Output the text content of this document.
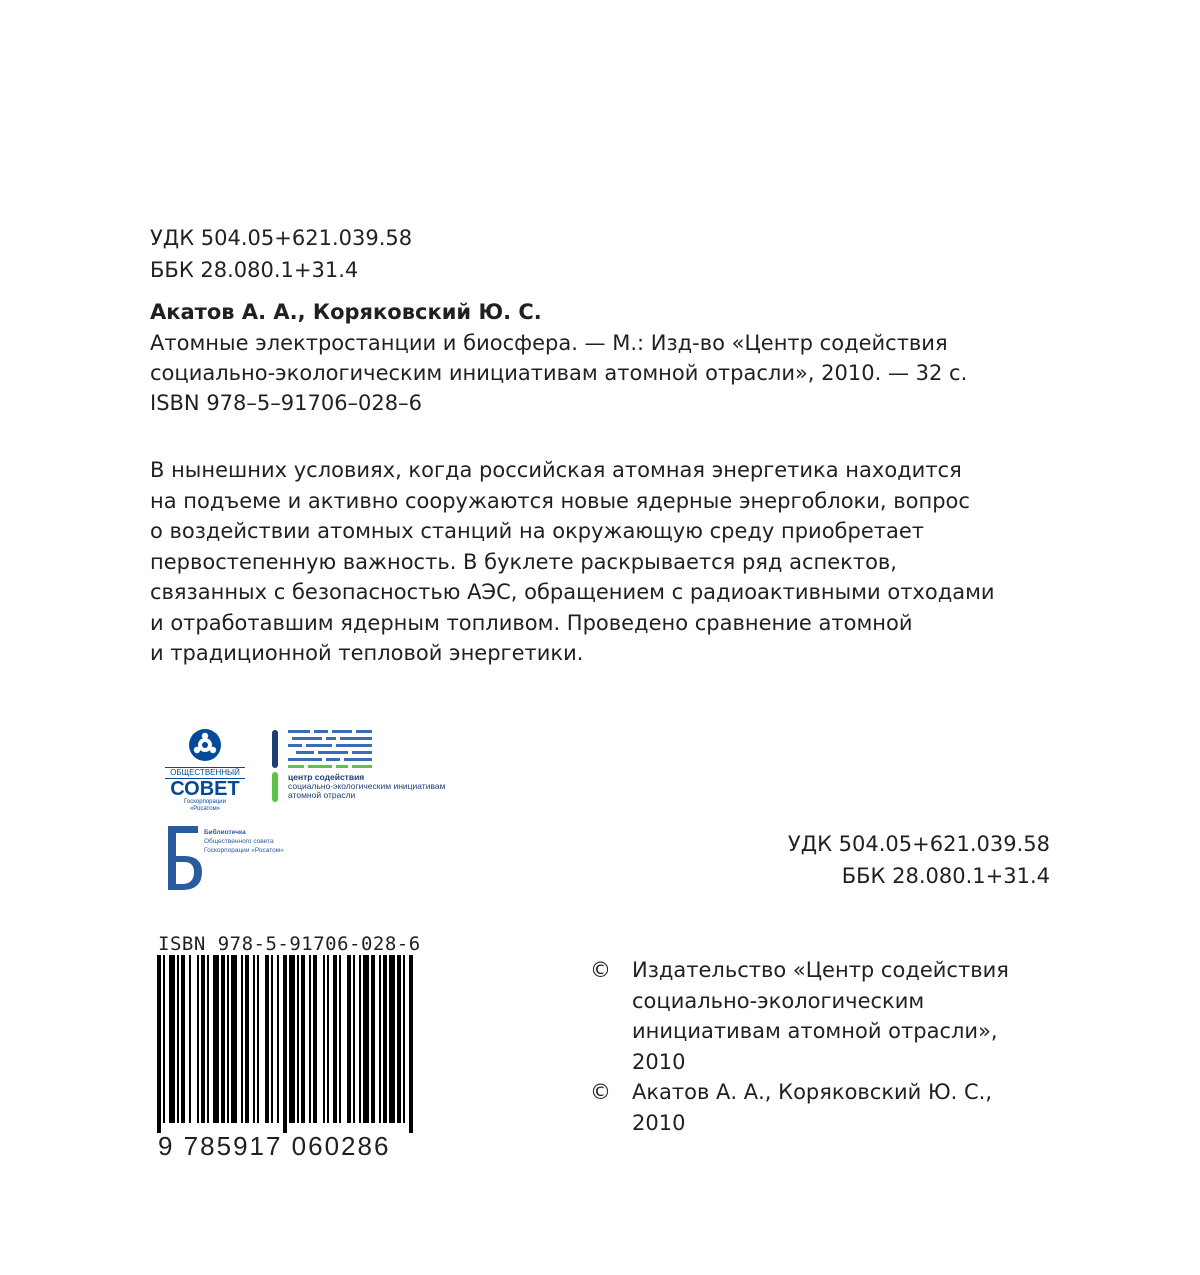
УДК 504.05+621.039.58
ББК 28.080.1+31.4
Акатов А. А., Коряковский Ю. С.
Атомные электростанции и биосфера. — М.: Изд-во «Центр содействия
социально-экологическим инициативам атомной отрасли», 2010. — 32 с.
ISBN 978–5–91706–028–6
В нынешних условиях, когда российская атомная энергетика находится
на подъеме и активно сооружаются новые ядерные энергоблоки, вопрос
о воздействии атомных станций на окружающую среду приобретает
первостепенную важность. В буклете раскрывается ряд аспектов,
связанных с безопасностью АЭС, обращением с радиоактивными отходами
и отработавшим ядерным топливом. Проведено сравнение атомной
и традиционной тепловой энергетики.
ОБЩЕСТВЕННЫЙ
СОВЕТ
Госкорпорации
«Росатом»
центр содействия
социально-экологическим инициативам
атомной отрасли
Библиотечка
Общественного совета
Госкорпорации «Росатом»	УДК 504.05+621.039.58
ББК 28.080.1+31.4
ISBN 978-5-91706-028-6
9 785917 060286
©	Издательство «Центр содействия
социально-экологическим
инициативам атомной отрасли»,
2010
©	Акатов А. А., Коряковский Ю. С.,
2010
